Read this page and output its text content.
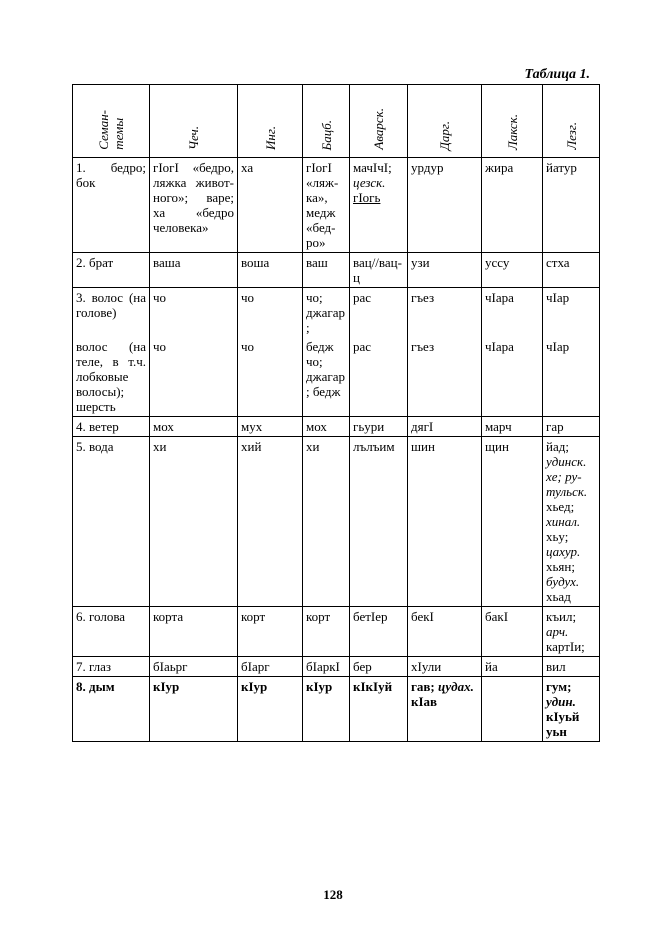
Таблица 1.
Семан-
темы	Чеч.	Инг.	Бацб.	Аварск.	Дарг.	Лакск.	Лезг.
1. бедро; бок	гIогI «бедро, ляжка животного»; варе; ха «бедро человека»	ха	гIогI «ляжка», медж «бедро»	мачIчI; цезск. гIогь	урдур	жира	йатур
2. брат	ваша	воша	ваш	вац//вацц	узи	уссу	стха
3. волос (на голове)	чо	чо	чо; джагар;	рас	гъез	чIара	чIар
волос (на теле, в т.ч. лобковые волосы); шерсть	чо	чо	бедж чо; джагар; бедж	рас	гъез	чIара	чIар
4. ветер	мох	мух	мох	гьури	дягI	марч	гар
5. вода	хи	хий	хи	лълъим	шин	щин	йад; удинск. хе; рутульск. хьед; хинал. хьу; цахур. хьян; будух. хьад
6. голова	корта	корт	корт	бетIер	бекI	бакI	къил; арч. картIи;
7. глаз	бIаьрг	бIарг	бIаркI	бер	хIули	йа	вил
8. дым	кIур	кIур	кIур	кIкIуй	гав; цудах. кIав		гум; удин. кIуьй уьн
128
